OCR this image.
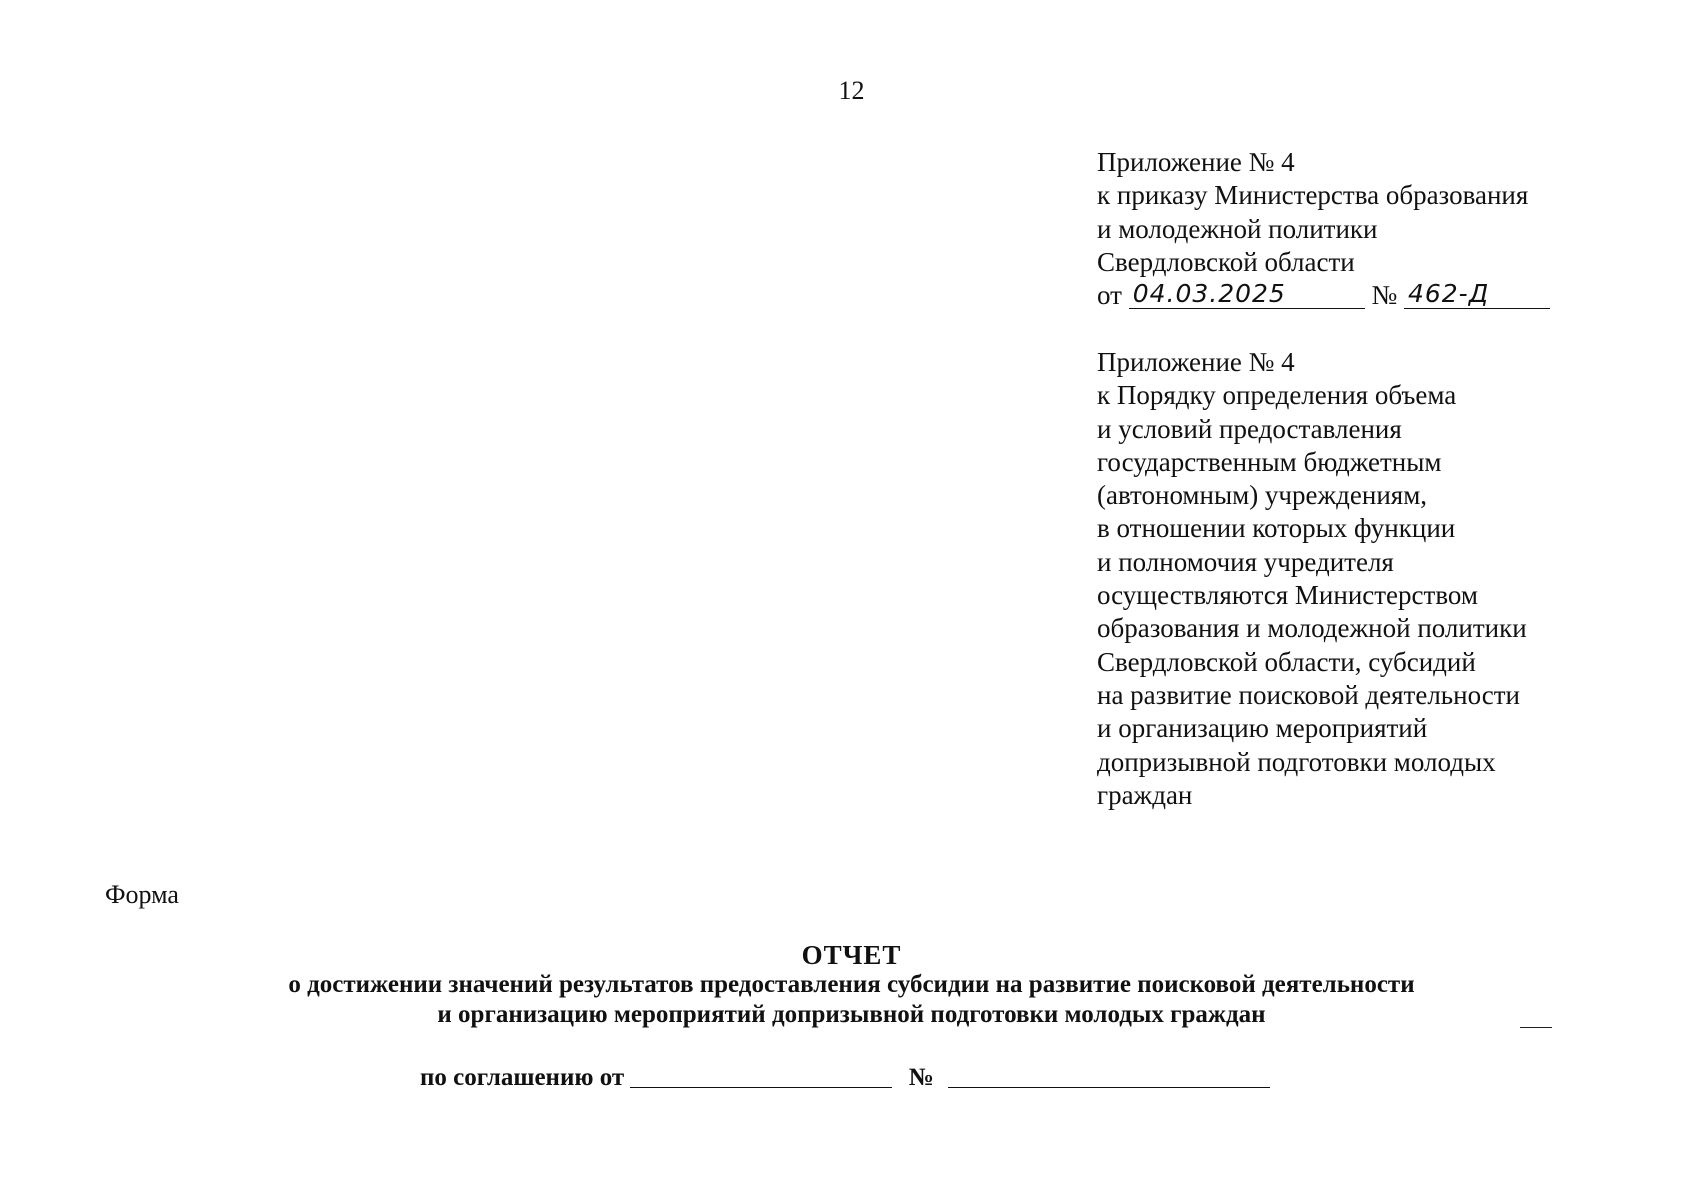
12
Приложение № 4
к приказу Министерства образования
и молодежной политики
Свердловской области
от 04.03.2025	№ 462-Д
Приложение № 4
к Порядку определения объема
и условий предоставления
государственным бюджетным
(автономным) учреждениям,
в отношении которых функции
и полномочия учредителя
осуществляются Министерством
образования и молодежной политики
Свердловской области, субсидий
на развитие поисковой деятельности
и организацию мероприятий
допризывной подготовки молодых
граждан
Форма
ОТЧЕТ
о достижении значений результатов предоставления субсидии на развитие поисковой деятельности
и организацию мероприятий допризывной подготовки молодых граждан
по соглашению от	№
